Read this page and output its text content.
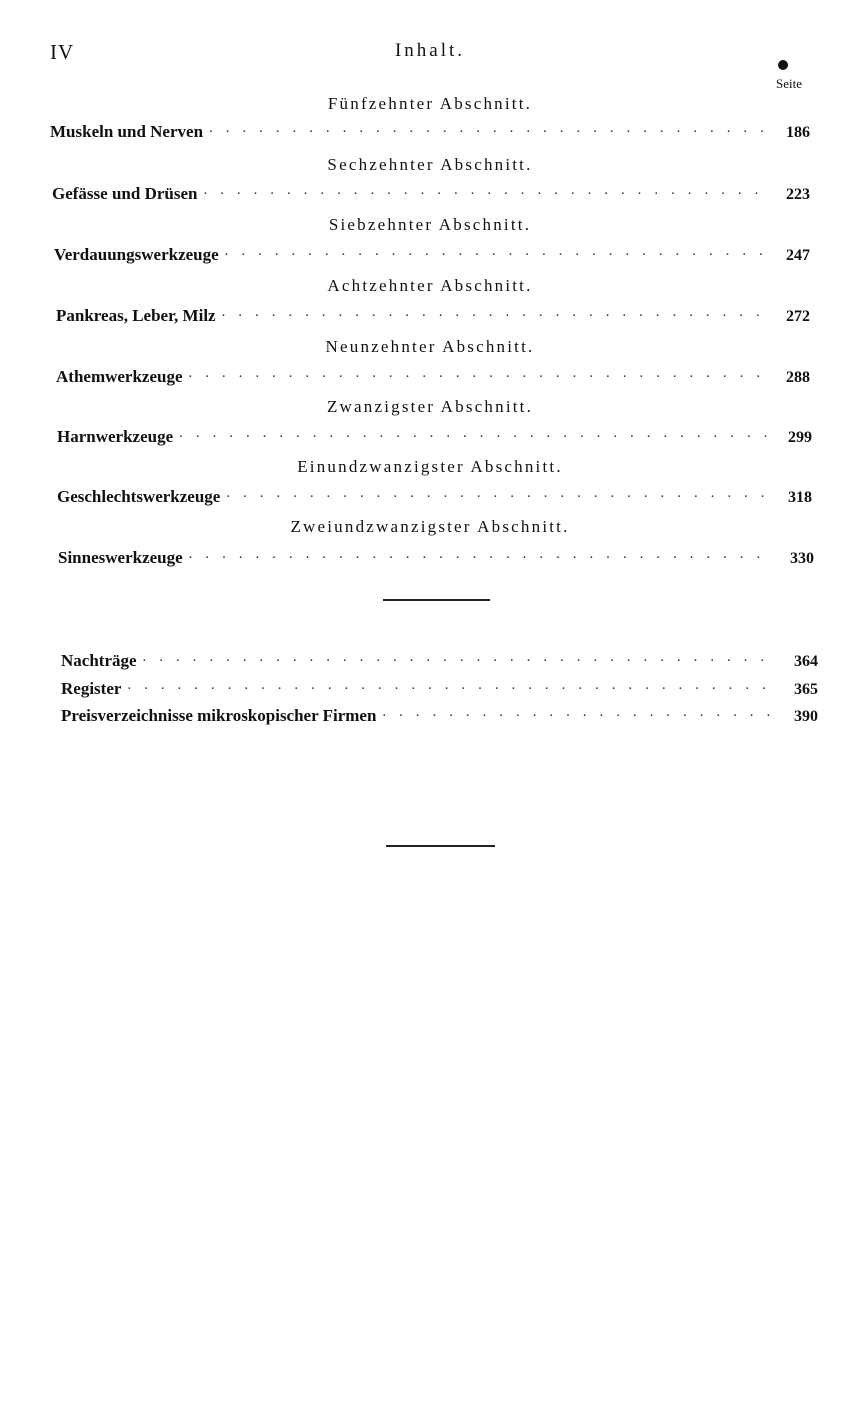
IV	Inhalt.
Seite
Fünfzehnter Abschnitt.
Muskeln und Nerven . . .	186
Sechzehnter Abschnitt.
Gefässe und Drüsen . . .	223
Siebzehnter Abschnitt.
Verdauungswerkzeuge . . .	247
Achtzehnter Abschnitt.
Pankreas, Leber, Milz . . .	272
Neunzehnter Abschnitt.
Athemwerkzeuge . . .	288
Zwanzigster Abschnitt.
Harnwerkzeuge . . .	299
Einundzwanzigster Abschnitt.
Geschlechtswerkzeuge . . .	318
Zweiundzwanzigster Abschnitt.
Sinneswerkzeuge . . .	330
Nachträge . . .	364
Register . . .	365
Preisverzeichnisse mikroskopischer Firmen . . .	390
